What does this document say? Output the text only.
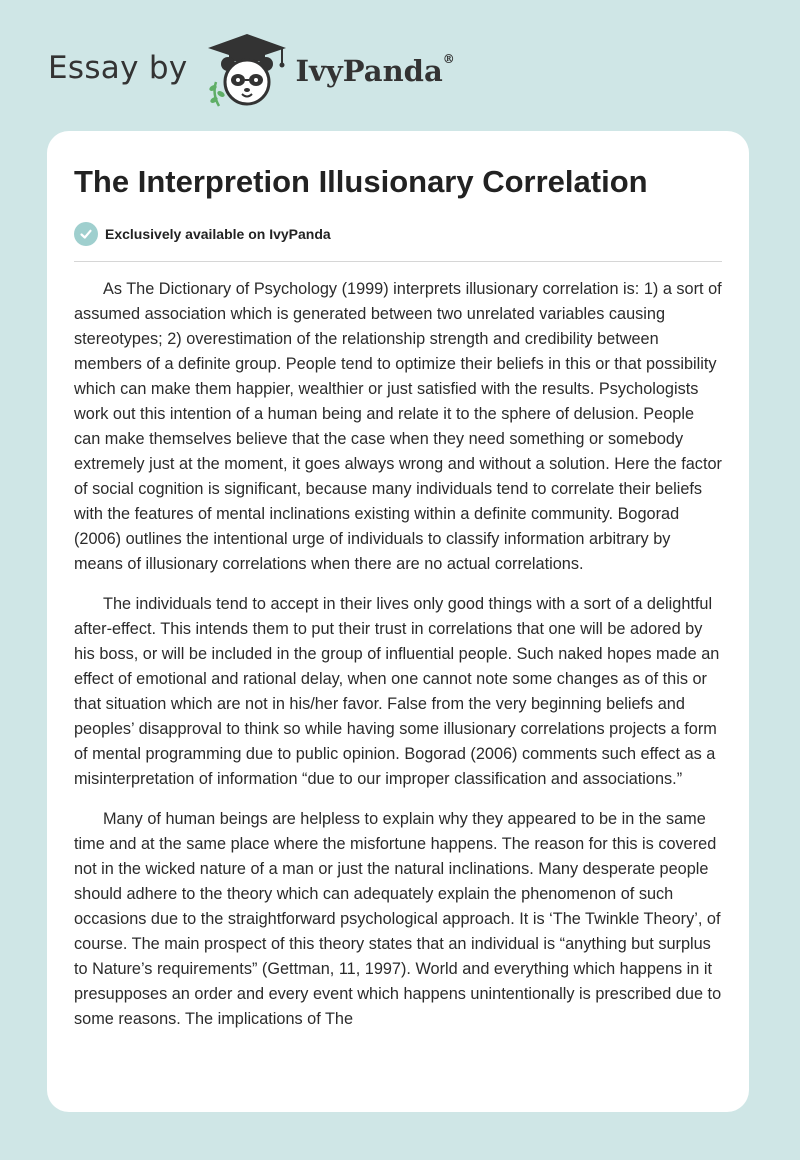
Essay by	IvyPanda®
The Interpretion Illusionary Correlation
Exclusively available on IvyPanda

As The Dictionary of Psychology (1999) interprets illusionary correlation is: 1) a sort of assumed association which is generated between two unrelated variables causing stereotypes; 2) overestimation of the relationship strength and credibility between members of a definite group. People tend to optimize their beliefs in this or that possibility which can make them happier, wealthier or just satisfied with the results. Psychologists work out this intention of a human being and relate it to the sphere of delusion. People can make themselves believe that the case when they need something or somebody extremely just at the moment, it goes always wrong and without a solution. Here the factor of social cognition is significant, because many individuals tend to correlate their beliefs with the features of mental inclinations existing within a definite community. Bogorad (2006) outlines the intentional urge of individuals to classify information arbitrary by means of illusionary correlations when there are no actual correlations.

The individuals tend to accept in their lives only good things with a sort of a delightful after-effect. This intends them to put their trust in correlations that one will be adored by his boss, or will be included in the group of influential people. Such naked hopes made an effect of emotional and rational delay, when one cannot note some changes as of this or that situation which are not in his/her favor. False from the very beginning beliefs and peoples’ disapproval to think so while having some illusionary correlations projects a form of mental programming due to public opinion. Bogorad (2006) comments such effect as a misinterpretation of information “due to our improper classification and associations.”

Many of human beings are helpless to explain why they appeared to be in the same time and at the same place where the misfortune happens. The reason for this is covered not in the wicked nature of a man or just the natural inclinations. Many desperate people should adhere to the theory which can adequately explain the phenomenon of such occasions due to the straightforward psychological approach. It is ‘The Twinkle Theory’, of course. The main prospect of this theory states that an individual is “anything but surplus to Nature’s requirements” (Gettman, 11, 1997). World and everything which happens in it presupposes an order and every event which happens unintentionally is prescribed due to some reasons. The implications of The
